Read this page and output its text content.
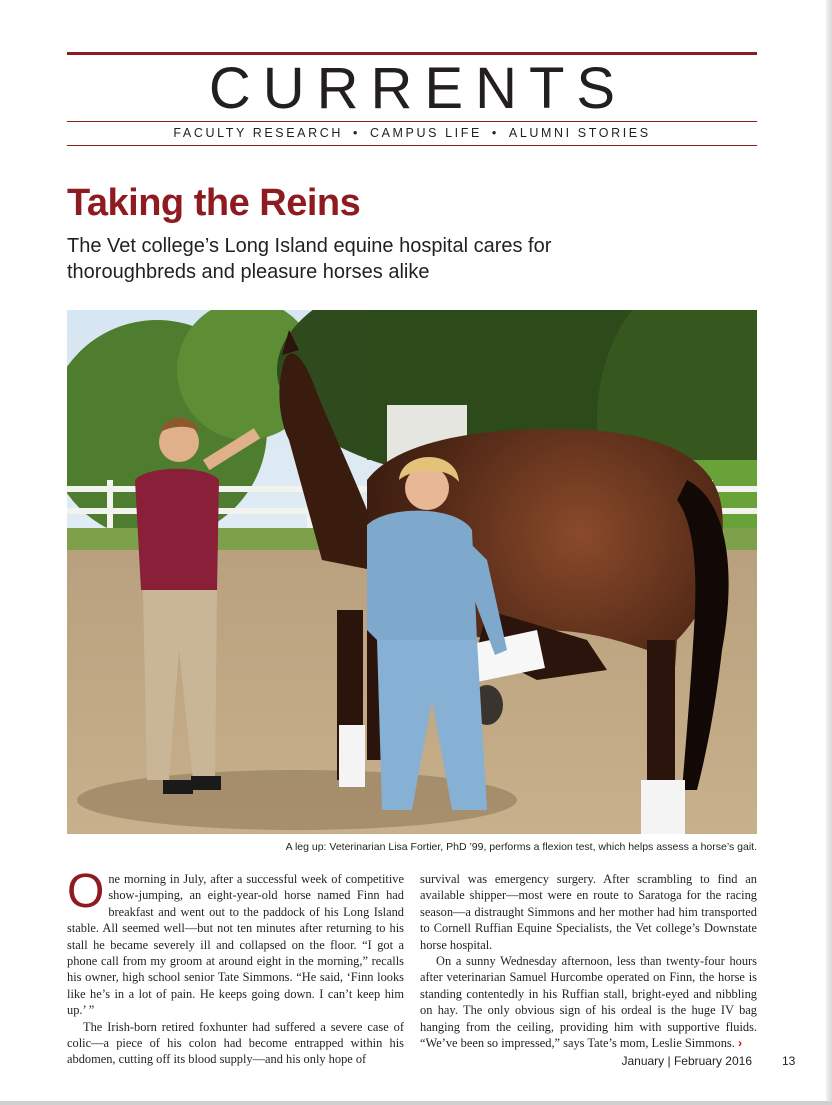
CURRENTS
FACULTY RESEARCH • CAMPUS LIFE • ALUMNI STORIES
Taking the Reins
The Vet college’s Long Island equine hospital cares for thoroughbreds and pleasure horses alike
A leg up: Veterinarian Lisa Fortier, PhD ’99, performs a flexion test, which helps assess a horse’s gait.

One morning in July, after a successful week of competitive show-jumping, an eight-year-old horse named Finn had breakfast and went out to the paddock of his Long Island stable. All seemed well—but not ten minutes after returning to his stall he became severely ill and collapsed on the floor. “I got a phone call from my groom at around eight in the morning,” recalls his owner, high school senior Tate Simmons. “He said, ‘Finn looks like he’s in a lot of pain. He keeps going down. I can’t keep him up.’ ”

The Irish-born retired foxhunter had suffered a severe case of colic—a piece of his colon had become entrapped within his abdomen, cutting off its blood supply—and his only hope of

survival was emergency surgery. After scrambling to find an available shipper—most were en route to Saratoga for the racing season—a distraught Simmons and her mother had him transported to Cornell Ruffian Equine Specialists, the Vet college’s Downstate horse hospital.

On a sunny Wednesday afternoon, less than twenty-four hours after veterinarian Samuel Hurcombe operated on Finn, the horse is standing contentedly in his Ruffian stall, bright-eyed and nibbling on hay. The only obvious sign of his ordeal is the huge IV bag hanging from the ceiling, providing him with supportive fluids. “We’ve been so impressed,” says Tate’s mom, Leslie Simmons. ›

January | February 2016	13
